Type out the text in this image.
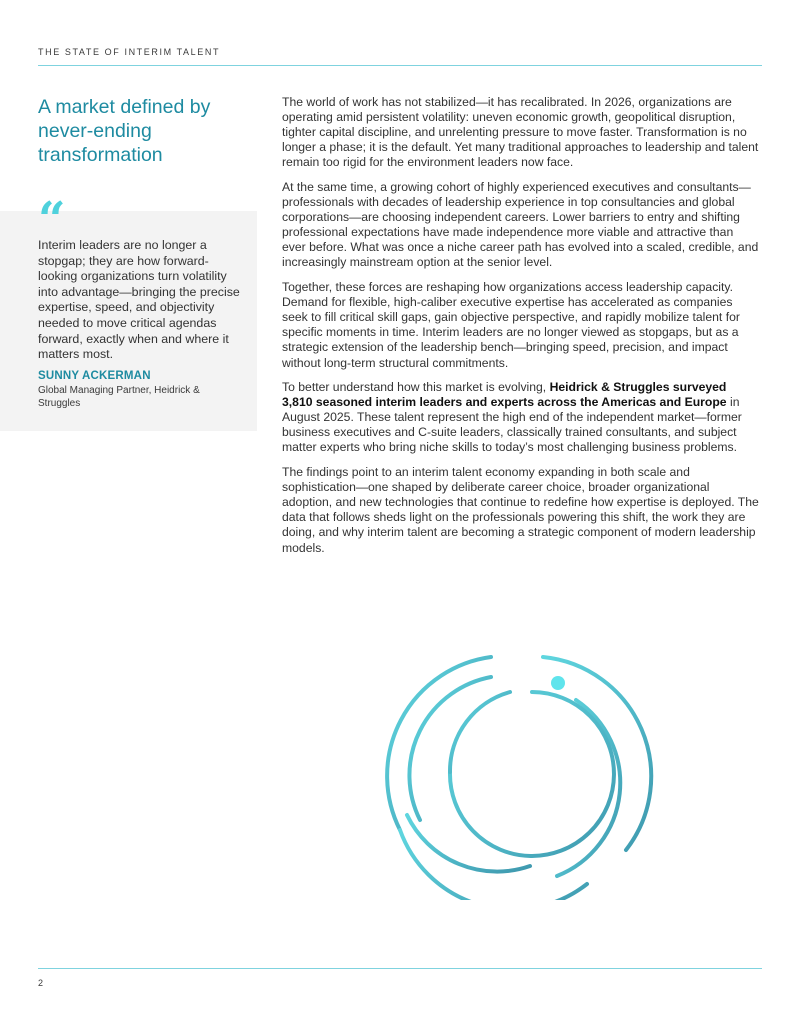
THE STATE OF INTERIM TALENT
A market defined by never-ending transformation
“
Interim leaders are no longer a stopgap; they are how forward-looking organizations turn volatility into advantage—bringing the precise expertise, speed, and objectivity needed to move critical agendas forward, exactly when and where it matters most.
SUNNY ACKERMAN
Global Managing Partner, Heidrick & Struggles

The world of work has not stabilized—it has recalibrated. In 2026, organizations are operating amid persistent volatility: uneven economic growth, geopolitical disruption, tighter capital discipline, and unrelenting pressure to move faster. Transformation is no longer a phase; it is the default. Yet many traditional approaches to leadership and talent remain too rigid for the environment leaders now face.

At the same time, a growing cohort of highly experienced executives and consultants—professionals with decades of leadership experience in top consultancies and global corporations—are choosing independent careers. Lower barriers to entry and shifting professional expectations have made independence more viable and attractive than ever before. What was once a niche career path has evolved into a scaled, credible, and increasingly mainstream option at the senior level.

Together, these forces are reshaping how organizations access leadership capacity. Demand for flexible, high-caliber executive expertise has accelerated as companies seek to fill critical skill gaps, gain objective perspective, and rapidly mobilize talent for specific moments in time. Interim leaders are no longer viewed as stopgaps, but as a strategic extension of the leadership bench—bringing speed, precision, and impact without long-term structural commitments.

To better understand how this market is evolving, Heidrick & Struggles surveyed 3,810 seasoned interim leaders and experts across the Americas and Europe in August 2025. These talent represent the high end of the independent market—former business executives and C-suite leaders, classically trained consultants, and subject matter experts who bring niche skills to today’s most challenging business problems.

The findings point to an interim talent economy expanding in both scale and sophistication—one shaped by deliberate career choice, broader organizational adoption, and new technologies that continue to redefine how expertise is deployed. The data that follows sheds light on the professionals powering this shift, the work they are doing, and why interim talent are becoming a strategic component of modern leadership models.

2
